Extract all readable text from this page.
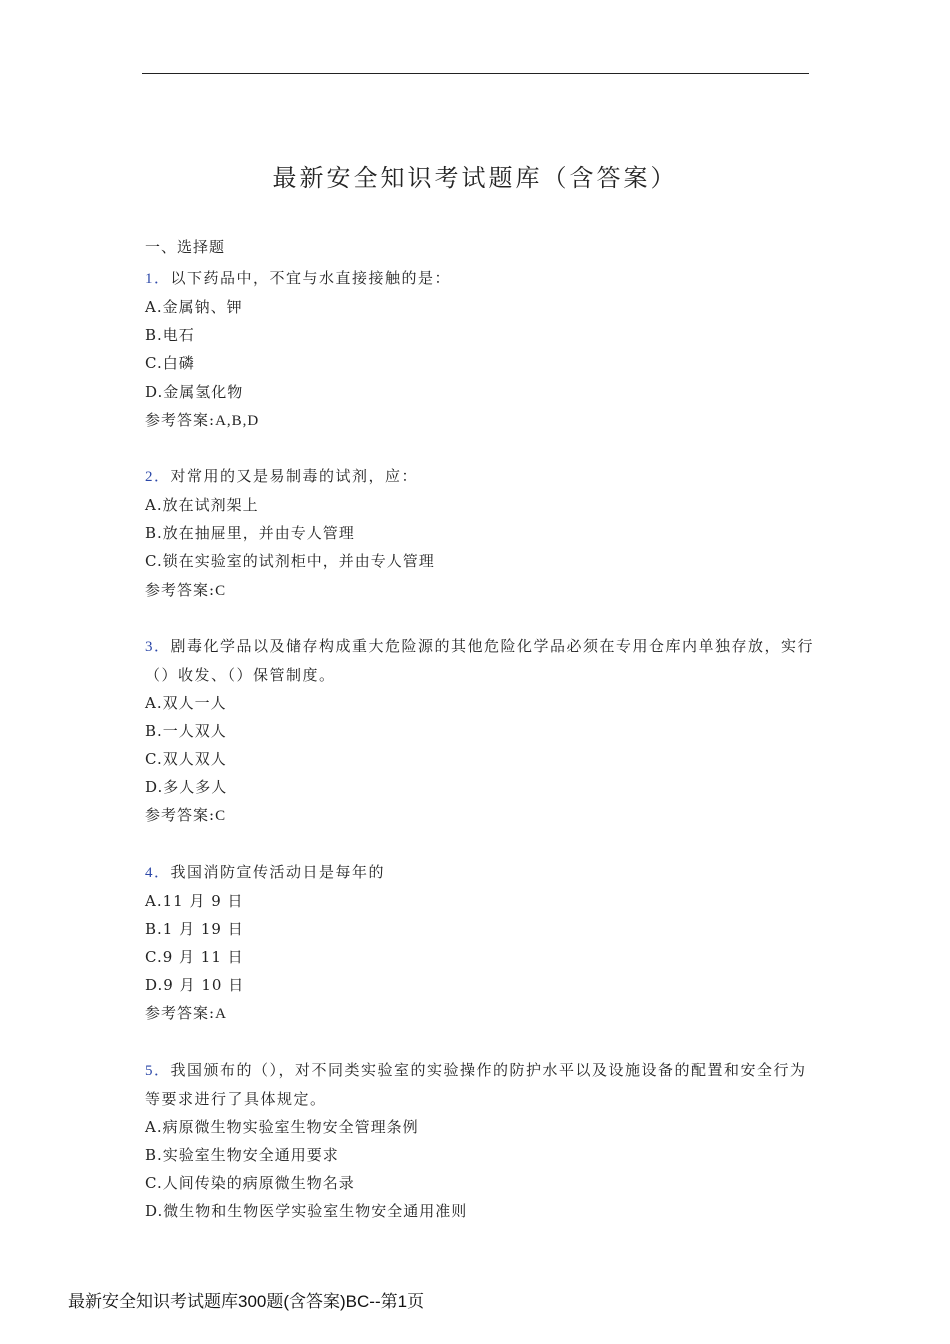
最新安全知识考试题库（含答案）
一、选择题
1．以下药品中，不宜与水直接接触的是：
A.金属钠、钾
B.电石
C.白磷
D.金属氢化物
参考答案:A,B,D
2．对常用的又是易制毒的试剂，应：
A.放在试剂架上
B.放在抽屉里，并由专人管理
C.锁在实验室的试剂柜中，并由专人管理
参考答案:C
3．剧毒化学品以及储存构成重大危险源的其他危险化学品必须在专用仓库内单独存放，实行（）收发、（）保管制度。
A.双人一人
B.一人双人
C.双人双人
D.多人多人
参考答案:C
4．我国消防宣传活动日是每年的
A.11 月 9 日
B.1 月 19 日
C.9 月 11 日
D.9 月 10 日
参考答案:A
5．我国颁布的（），对不同类实验室的实验操作的防护水平以及设施设备的配置和安全行为等要求进行了具体规定。
A.病原微生物实验室生物安全管理条例
B.实验室生物安全通用要求
C.人间传染的病原微生物名录
D.微生物和生物医学实验室生物安全通用准则
最新安全知识考试题库300题(含答案)BC--第1页
